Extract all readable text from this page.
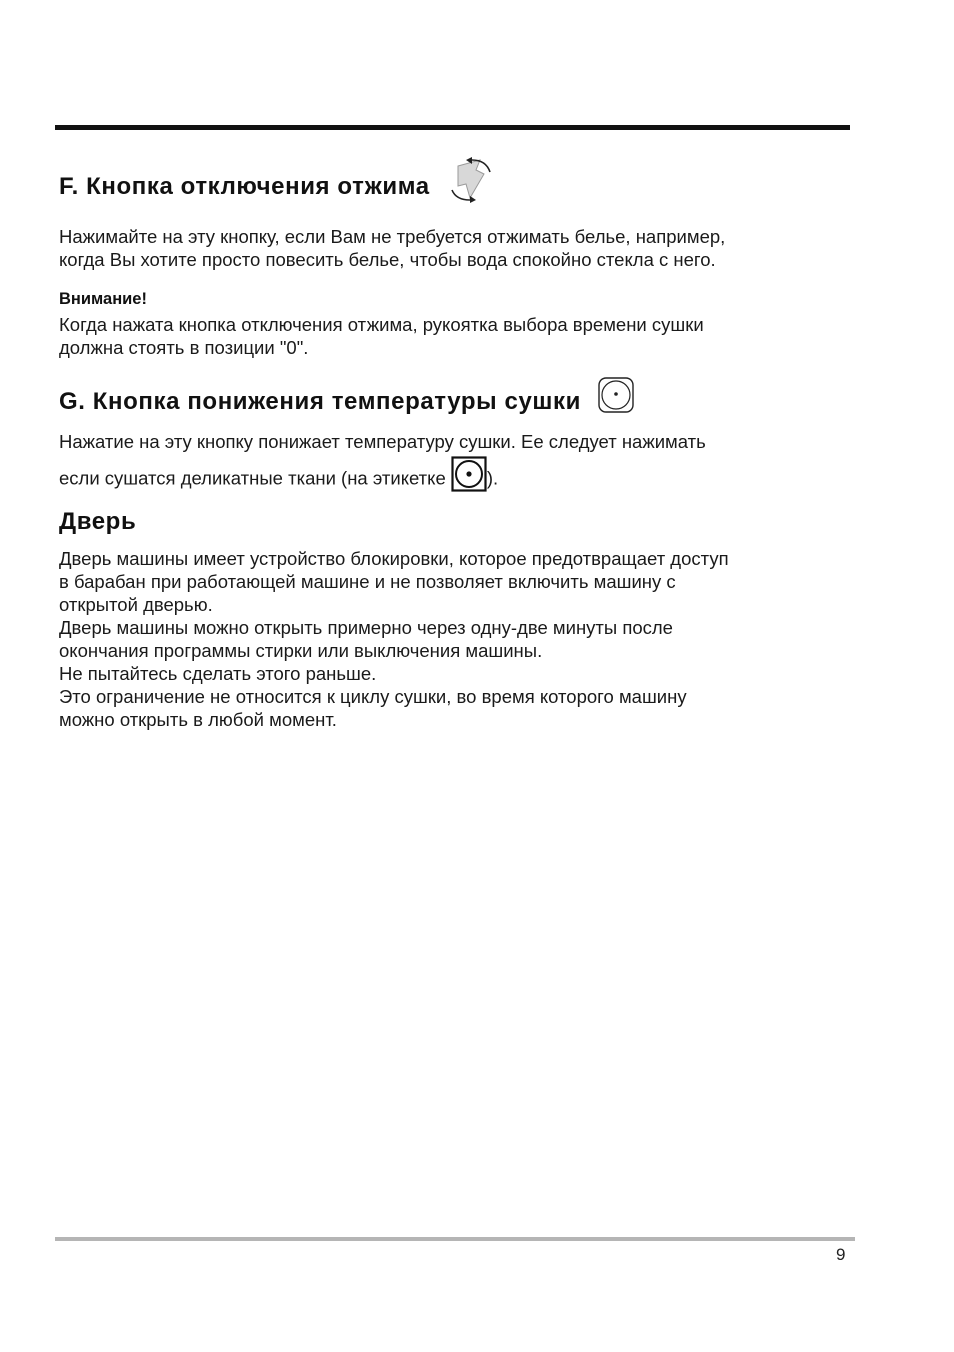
F. Кнопка отключения отжима
Нажимайте на эту кнопку, если Вам не требуется отжимать белье, например,
когда Вы хотите просто повесить белье, чтобы вода спокойно стекла с него.
Внимание!
Когда нажата кнопка отключения отжима, рукоятка выбора времени сушки
должна стоять в позиции "0".
G. Кнопка понижения температуры сушки
Нажатие на эту кнопку понижает температуру сушки. Ее следует нажимать
если сушатся деликатные ткани (на этикетке ).
Дверь
Дверь машины имеет устройство блокировки, которое предотвращает доступ
в барабан при работающей машине и не позволяет включить машину с
открытой дверью.
Дверь машины можно открыть примерно через одну-две минуты после
окончания программы стирки или выключения машины.
Не пытайтесь сделать этого раньше.
Это ограничение не относится к циклу сушки, во время которого машину
можно открыть в любой момент.
9
